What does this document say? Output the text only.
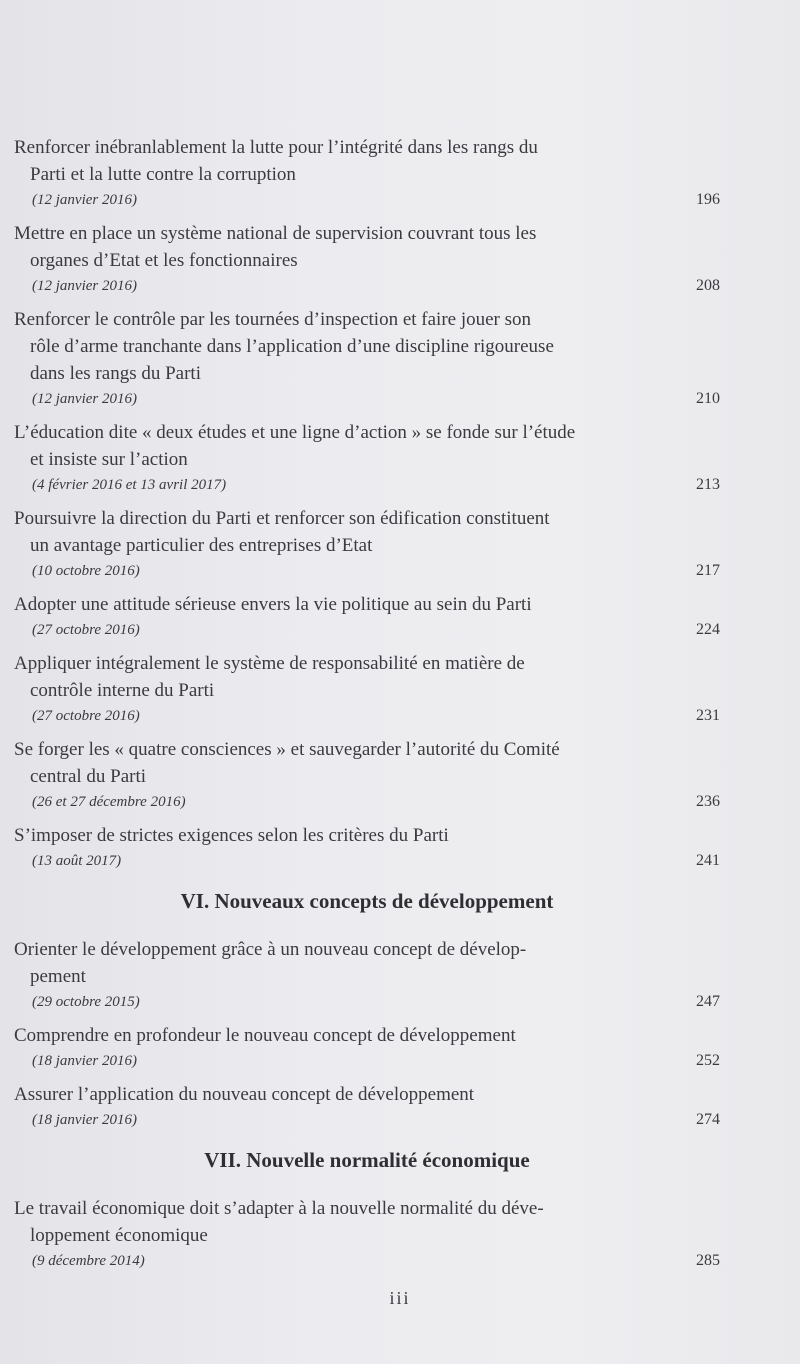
Renforcer inébranlablement la lutte pour l’intégrité dans les rangs du
Parti et la lutte contre la corruption
(12 janvier 2016)	196
Mettre en place un système national de supervision couvrant tous les
organes d’Etat et les fonctionnaires
(12 janvier 2016)	208
Renforcer le contrôle par les tournées d’inspection et faire jouer son
rôle d’arme tranchante dans l’application d’une discipline rigoureuse
dans les rangs du Parti
(12 janvier 2016)	210
L’éducation dite « deux études et une ligne d’action » se fonde sur l’étude
et insiste sur l’action
(4 février 2016 et 13 avril 2017)	213
Poursuivre la direction du Parti et renforcer son édification constituent
un avantage particulier des entreprises d’Etat
(10 octobre 2016)	217
Adopter une attitude sérieuse envers la vie politique au sein du Parti
(27 octobre 2016)	224
Appliquer intégralement le système de responsabilité en matière de
contrôle interne du Parti
(27 octobre 2016)	231
Se forger les « quatre consciences » et sauvegarder l’autorité du Comité
central du Parti
(26 et 27 décembre 2016)	236
S’imposer de strictes exigences selon les critères du Parti
(13 août 2017)	241
VI. Nouveaux concepts de développement
Orienter le développement grâce à un nouveau concept de dévelop-
pement
(29 octobre 2015)	247
Comprendre en profondeur le nouveau concept de développement
(18 janvier 2016)	252
Assurer l’application du nouveau concept de développement
(18 janvier 2016)	274
VII. Nouvelle normalité économique
Le travail économique doit s’adapter à la nouvelle normalité du déve-
loppement économique
(9 décembre 2014)	285
iii
